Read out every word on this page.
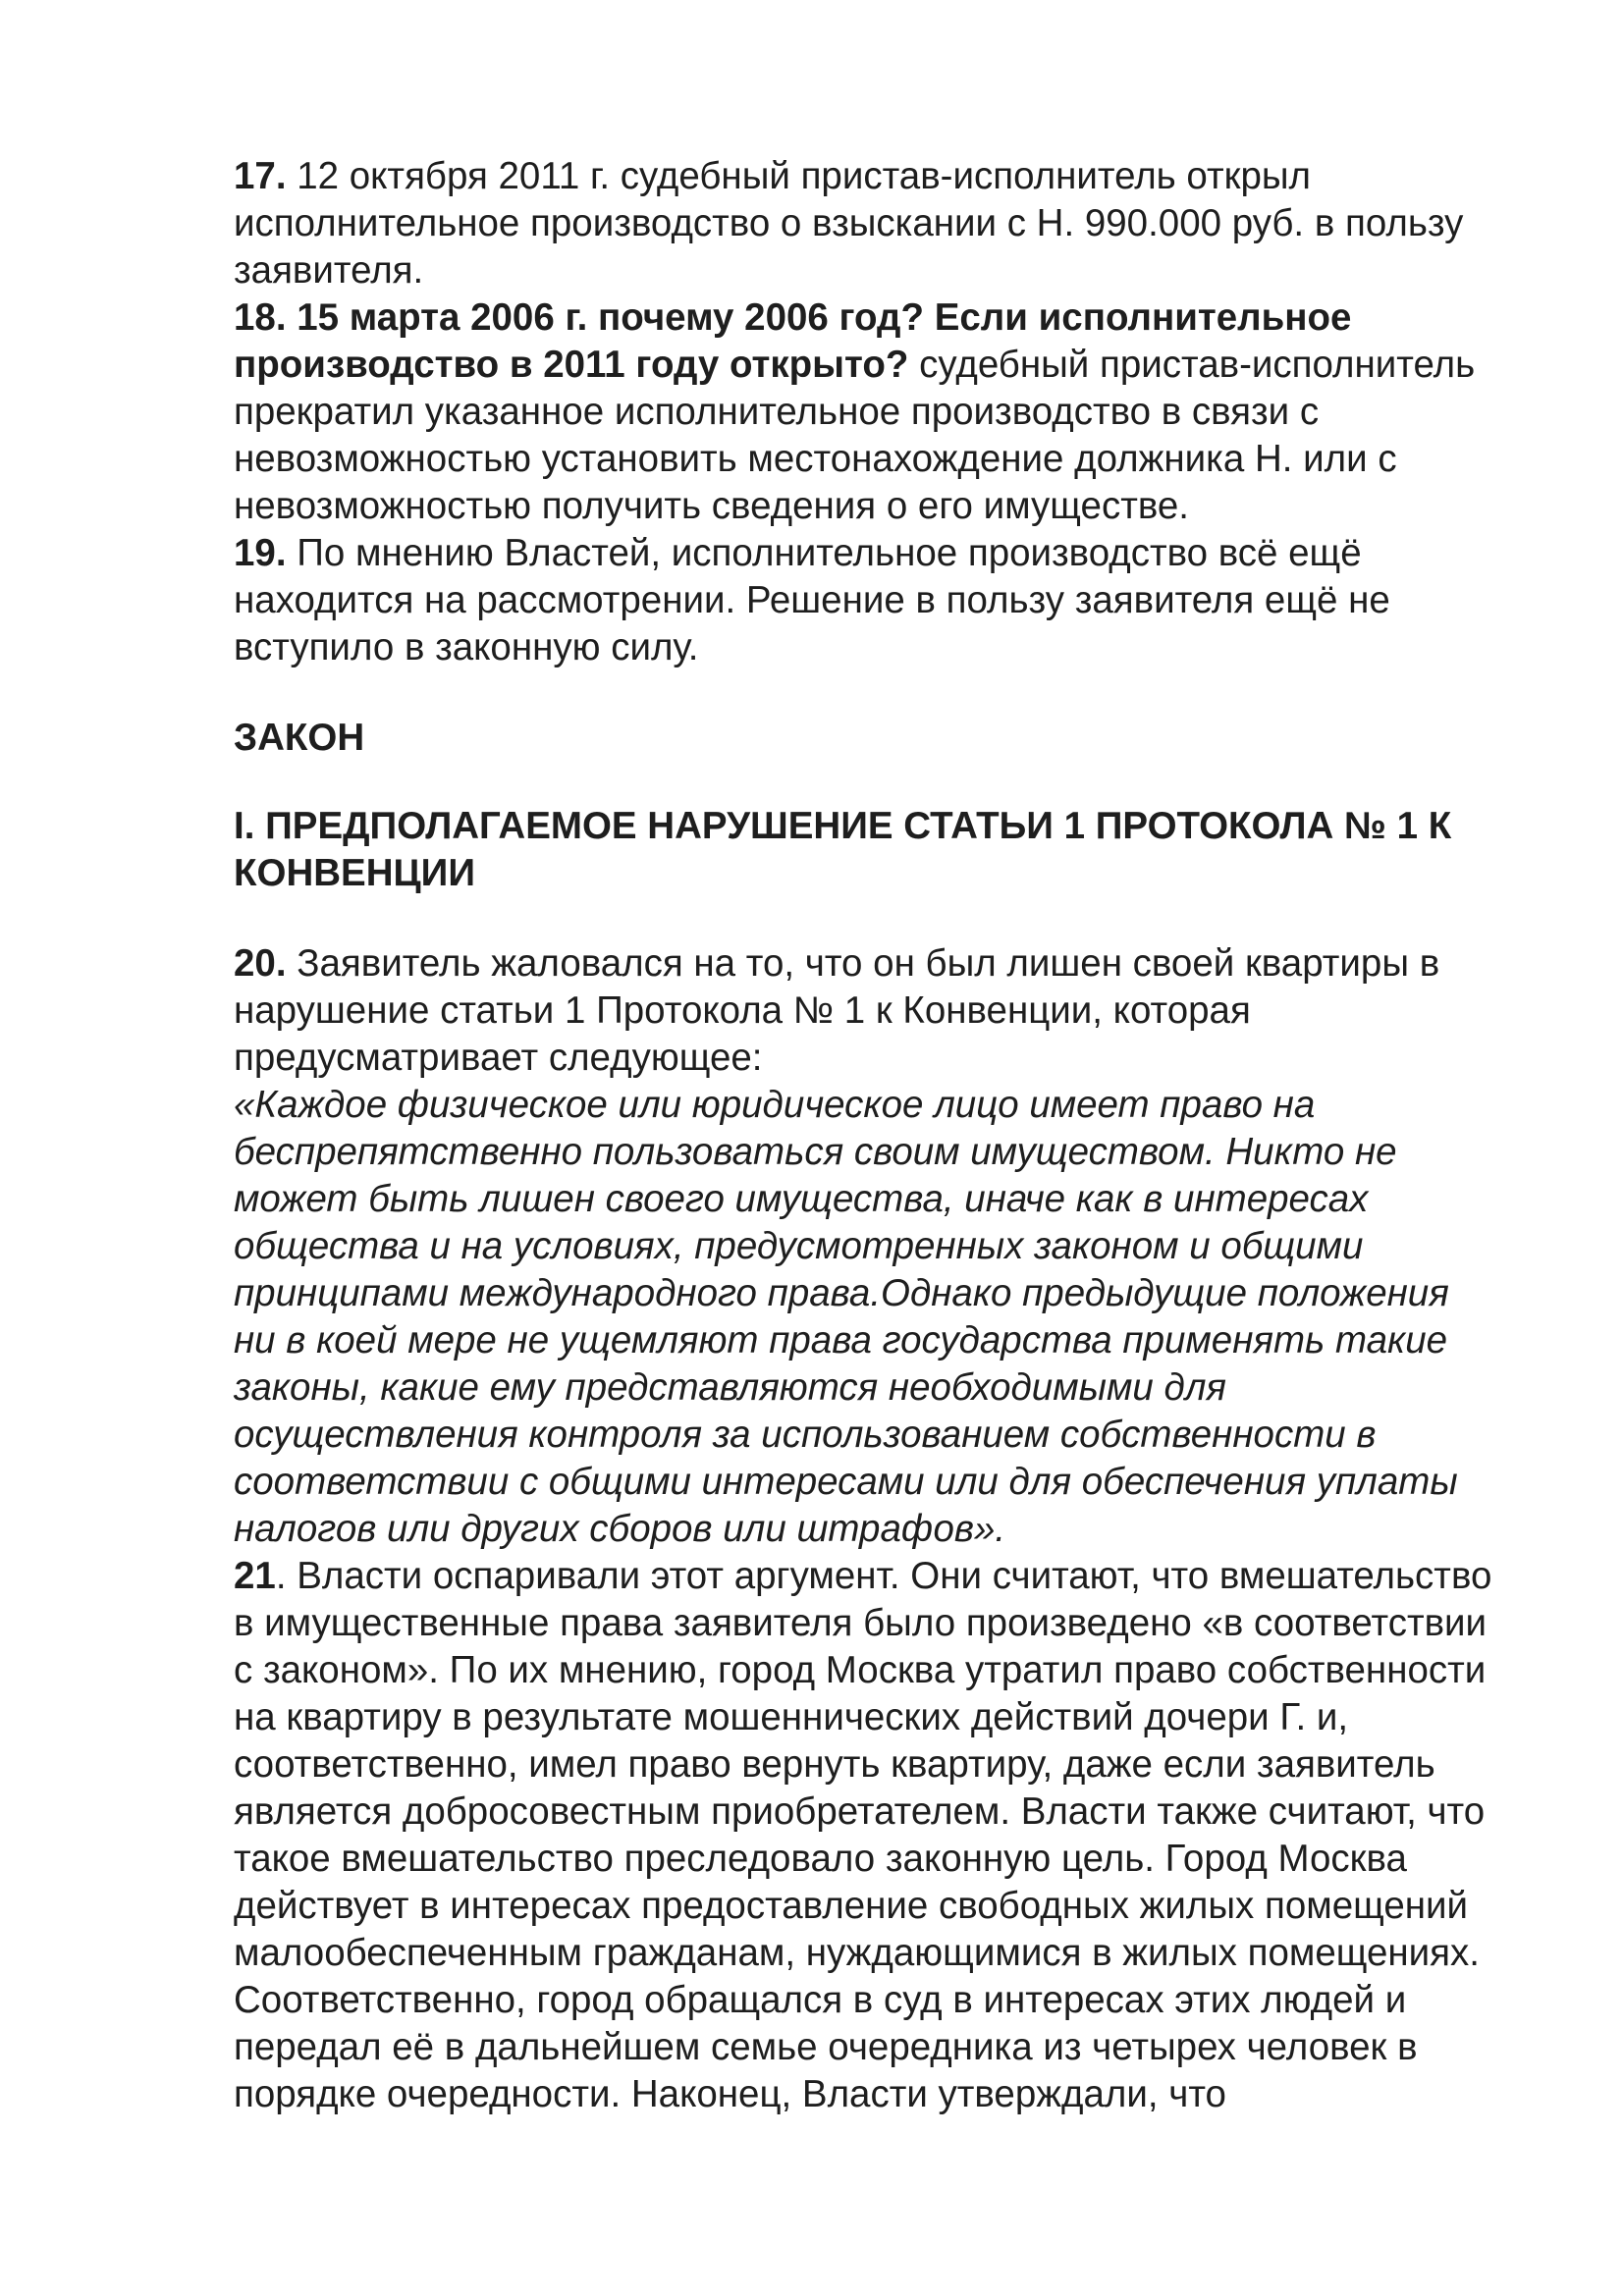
17. 12 октября 2011 г. судебный пристав-исполнитель открыл
исполнительное производство о взыскании с Н. 990.000 руб. в пользу
заявителя.
18. 15 марта 2006 г. почему 2006 год? Если исполнительное
производство в 2011 году открыто? судебный пристав-исполнитель
прекратил указанное исполнительное производство в связи с
невозможностью установить местонахождение должника Н. или с
невозможностью получить сведения о его имуществе.
19. По мнению Властей, исполнительное производство всё ещё
находится на рассмотрении. Решение в пользу заявителя ещё не
вступило в законную силу.
ЗАКОН
I. ПРЕДПОЛАГАЕМОЕ НАРУШЕНИЕ СТАТЬИ 1 ПРОТОКОЛА № 1 К
КОНВЕНЦИИ
20. Заявитель жаловался на то, что он был лишен своей квартиры в
нарушение статьи 1 Протокола № 1 к Конвенции, которая
предусматривает следующее:
«Каждое физическое или юридическое лицо имеет право на
беспрепятственно пользоваться своим имуществом. Никто не
может быть лишен своего имущества, иначе как в интересах
общества и на условиях, предусмотренных законом и общими
принципами международного права.Однако предыдущие положения
ни в коей мере не ущемляют права государства применять такие
законы, какие ему представляются необходимыми для
осуществления контроля за использованием собственности в
соответствии с общими интересами или для обеспечения уплаты
налогов или других сборов или штрафов».
21. Власти оспаривали этот аргумент. Они считают, что вмешательство
в имущественные права заявителя было произведено «в соответствии
с законом». По их мнению, город Москва утратил право собственности
на квартиру в результате мошеннических действий дочери Г. и,
соответственно, имел право вернуть квартиру, даже если заявитель
является добросовестным приобретателем. Власти также считают, что
такое вмешательство преследовало законную цель. Город Москва
действует в интересах предоставление свободных жилых помещений
малообеспеченным гражданам, нуждающимися в жилых помещениях.
Соответственно, город обращался в суд в интересах этих людей и
передал её в дальнейшем семье очередника из четырех человек в
порядке очередности. Наконец, Власти утверждали, что
